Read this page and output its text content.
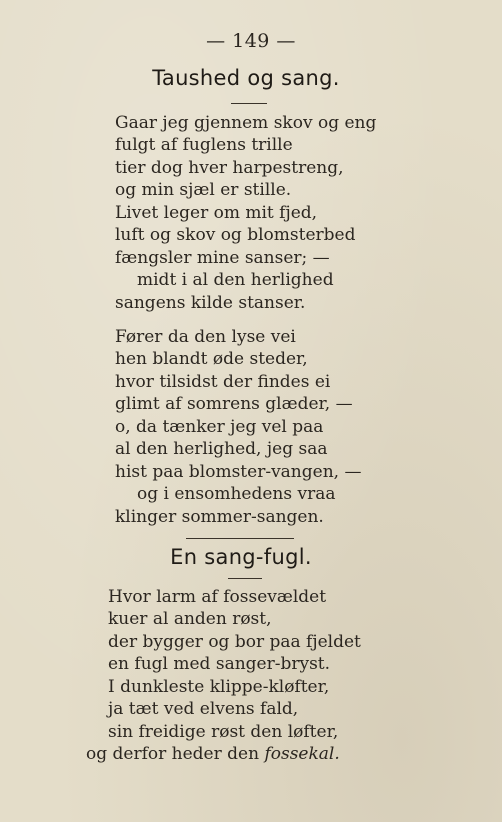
— 149 —
Taushed og sang.
Gaar jeg gjennem skov og eng
fulgt af fuglens trille
tier dog hver harpestreng,
og min sjæl er stille.
Livet leger om mit fjed,
luft og skov og blomsterbed
fængsler mine sanser; —
midt i al den herlighed
sangens kilde stanser.
Fører da den lyse vei
hen blandt øde steder,
hvor tilsidst der findes ei
glimt af somrens glæder, —
o, da tænker jeg vel paa
al den herlighed, jeg saa
hist paa blomster-vangen, —
og i ensomhedens vraa
klinger sommer-sangen.
En sang-fugl.
Hvor larm af fossevældet
kuer al anden røst,
der bygger og bor paa fjeldet
en fugl med sanger-bryst.
I dunkleste klippe-kløfter,
ja tæt ved elvens fald,
sin freidige røst den løfter,
og derfor heder den fossekal.
